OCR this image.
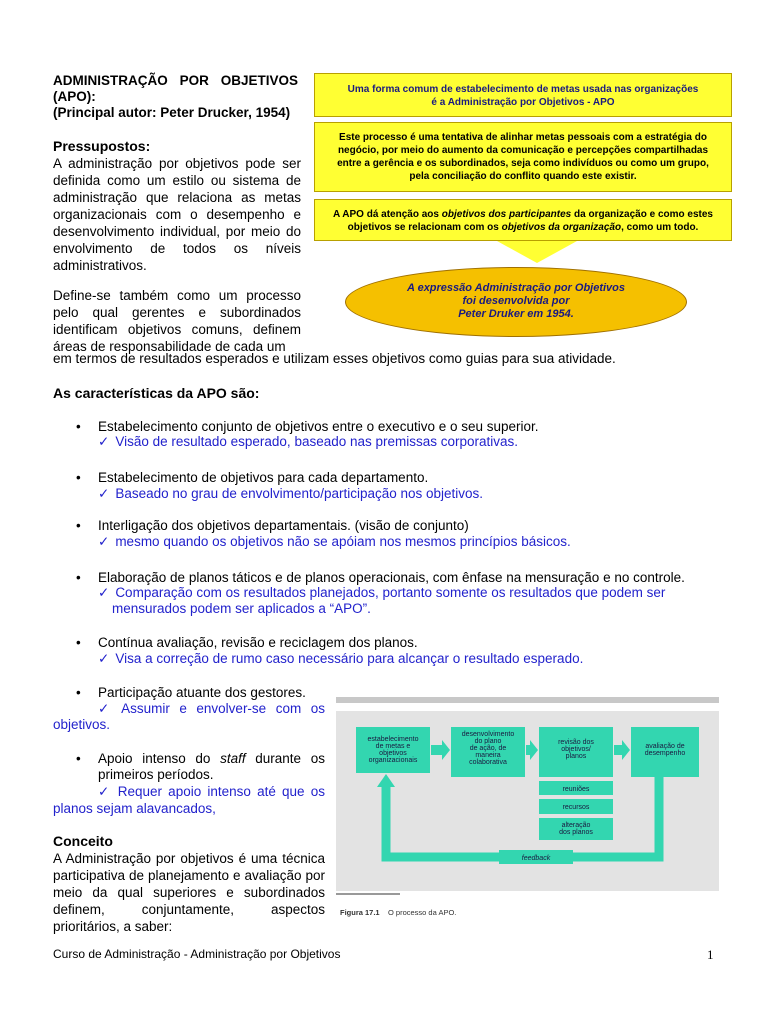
ADMINISTRAÇÃO POR OBJETIVOS
(APO):
(Principal autor: Peter Drucker, 1954)
Pressupostos:
A administração por objetivos pode ser definida como um estilo ou sistema de administração que relaciona as metas organizacionais com o desempenho e desenvolvimento individual, por meio do envolvimento de todos os níveis administrativos.
Define-se também como um processo pelo qual gerentes e subordinados identificam objetivos comuns, definem áreas de responsabilidade de cada um
em termos de resultados esperados e utilizam esses objetivos como guias para sua atividade.
Uma forma comum de estabelecimento de metas usada nas organizações
é a Administração por Objetivos - APO
Este processo é uma tentativa de alinhar metas pessoais com a estratégia do
negócio, por meio do aumento da comunicação e percepções compartilhadas
entre a gerência e os subordinados, seja como indivíduos ou como um grupo,
pela conciliação do conflito quando este existir.
A APO dá atenção aos objetivos dos participantes da organização e como estes
objetivos se relacionam com os objetivos da organização, como um todo.
A expressão Administração por Objetivos
foi desenvolvida por
Peter Druker em 1954.
As características da APO são:
• Estabelecimento conjunto de objetivos entre o executivo e o seu superior.
✓ Visão de resultado esperado, baseado nas premissas corporativas.
• Estabelecimento de objetivos para cada departamento.
✓ Baseado no grau de envolvimento/participação nos objetivos.
• Interligação dos objetivos departamentais. (visão de conjunto)
✓ mesmo quando os objetivos não se apóiam nos mesmos princípios básicos.
• Elaboração de planos táticos e de planos operacionais, com ênfase na mensuração e no controle.
✓ Comparação com os resultados planejados, portanto somente os resultados que podem ser
mensurados podem ser aplicados a “APO”.
• Contínua avaliação, revisão e reciclagem dos planos.
✓ Visa a correção de rumo caso necessário para alcançar o resultado esperado.
• Participação atuante dos gestores.
✓ Assumir e envolver-se com os
objetivos.
• Apoio intenso do staff durante os
primeiros períodos.
✓ Requer apoio intenso até que os
planos sejam alavancados,
Conceito
A Administração por objetivos é uma técnica participativa de planejamento e avaliação por meio da qual superiores e subordinados definem, conjuntamente, aspectos prioritários, a saber:
estabelecimento
de metas e
objetivos
organizacionais
desenvolvimento
do plano
de ação, de
maneira
colaborativa
revisão dos
objetivos/
planos
avaliação de
desempenho
reuniões
recursos
alteração
dos planos
feedback
Figura 17.1 O processo da APO.
Curso de Administração - Administração por Objetivos	1
